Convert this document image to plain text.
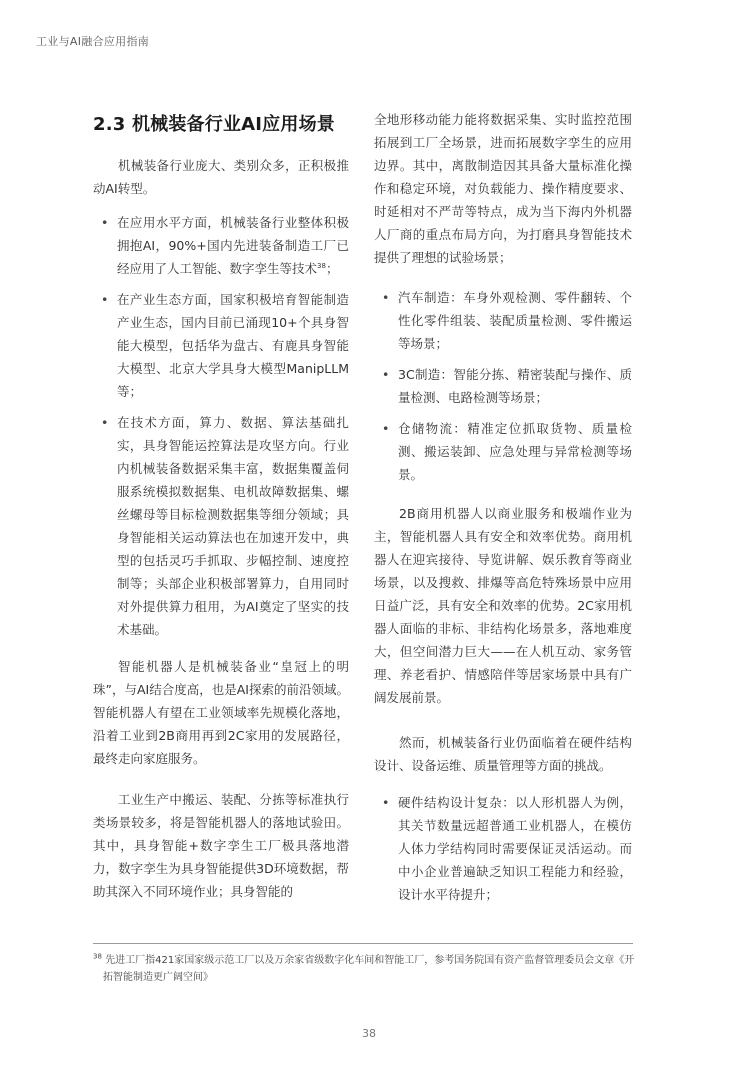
工业与AI融合应用指南
2.3 机械装备行业AI应用场景

机械装备行业庞大、类别众多，正积极推动AI转型。

• 在应用水平方面，机械装备行业整体积极拥抱AI，90%+国内先进装备制造工厂已经应用了人工智能、数字孪生等技术$^{38}$；
• 在产业生态方面，国家积极培育智能制造产业生态，国内目前已涌现10+个具身智能大模型，包括华为盘古、有鹿具身智能大模型、北京大学具身大模型ManipLLM等；
• 在技术方面，算力、数据、算法基础扎实，具身智能运控算法是攻坚方向。行业内机械装备数据采集丰富，数据集覆盖伺服系统模拟数据集、电机故障数据集、螺丝螺母等目标检测数据集等细分领域；具身智能相关运动算法也在加速开发中，典型的包括灵巧手抓取、步幅控制、速度控制等；头部企业积极部署算力，自用同时对外提供算力租用，为AI奠定了坚实的技术基础。

智能机器人是机械装备业“皇冠上的明珠”，与AI结合度高，也是AI探索的前沿领域。智能机器人有望在工业领域率先规模化落地，沿着工业到2B商用再到2C家用的发展路径，最终走向家庭服务。

工业生产中搬运、装配、分拣等标准执行类场景较多，将是智能机器人的落地试验田。其中，具身智能+数字孪生工厂极具落地潜力，数字孪生为具身智能提供3D环境数据，帮助其深入不同环境作业；具身智能的

全地形移动能力能将数据采集、实时监控范围拓展到工厂全场景，进而拓展数字孪生的应用边界。其中，离散制造因其具备大量标准化操作和稳定环境，对负载能力、操作精度要求、时延相对不严苛等特点，成为当下海内外机器人厂商的重点布局方向，为打磨具身智能技术提供了理想的试验场景；

• 汽车制造：车身外观检测、零件翻转、个性化零件组装、装配质量检测、零件搬运等场景；
• 3C制造：智能分拣、精密装配与操作、质量检测、电路检测等场景；
• 仓储物流：精准定位抓取货物、质量检测、搬运装卸、应急处理与异常检测等场景。

2B商用机器人以商业服务和极端作业为主，智能机器人具有安全和效率优势。商用机器人在迎宾接待、导览讲解、娱乐教育等商业场景，以及搜救、排爆等高危特殊场景中应用日益广泛，具有安全和效率的优势。2C家用机器人面临的非标、非结构化场景多，落地难度大，但空间潜力巨大——在人机互动、家务管理、养老看护、情感陪伴等居家场景中具有广阔发展前景。

然而，机械装备行业仍面临着在硬件结构设计、设备运维、质量管理等方面的挑战。

• 硬件结构设计复杂：以人形机器人为例，其关节数量远超普通工业机器人，在模仿人体力学结构同时需要保证灵活运动。而中小企业普遍缺乏知识工程能力和经验，设计水平待提升；
$^{38}$ 先进工厂指421家国家级示范工厂以及万余家省级数字化车间和智能工厂，参考国务院国有资产监督管理委员会文章《开拓智能制造更广阔空间》
38
